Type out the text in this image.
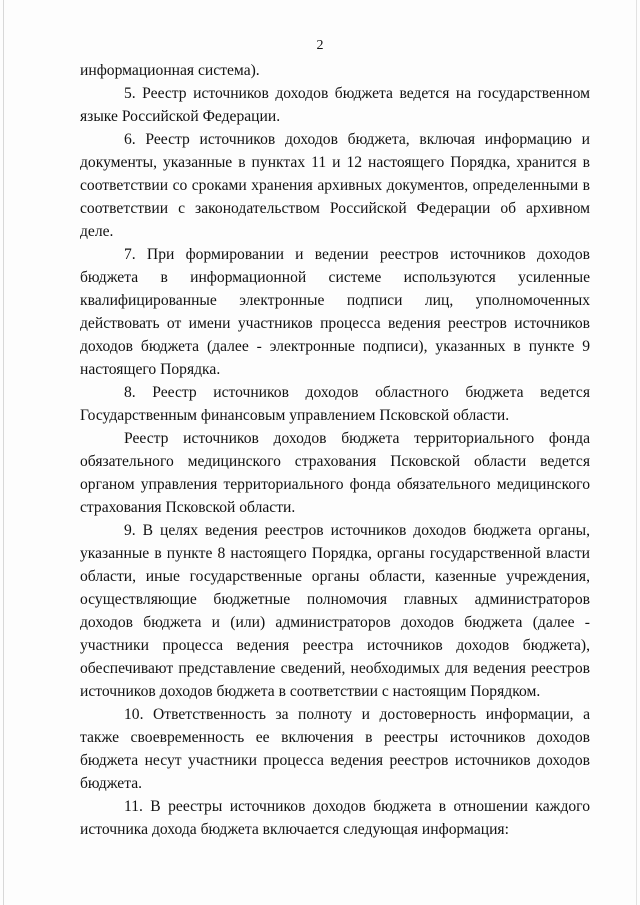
2

информационная система).

5. Реестр источников доходов бюджета ведется на государственном языке Российской Федерации.

6. Реестр источников доходов бюджета, включая информацию и документы, указанные в пунктах 11 и 12 настоящего Порядка, хранится в соответствии со сроками хранения архивных документов, определенными в соответствии с законодательством Российской Федерации об архивном деле.

7. При формировании и ведении реестров источников доходов бюджета в информационной системе используются усиленные квалифицированные электронные подписи лиц, уполномоченных действовать от имени участников процесса ведения реестров источников доходов бюджета (далее - электронные подписи), указанных в пункте 9 настоящего Порядка.

8. Реестр источников доходов областного бюджета ведется Государственным финансовым управлением Псковской области.

Реестр источников доходов бюджета территориального фонда обязательного медицинского страхования Псковской области ведется органом управления территориального фонда обязательного медицинского страхования Псковской области.

9. В целях ведения реестров источников доходов бюджета органы, указанные в пункте 8 настоящего Порядка, органы государственной власти области, иные государственные органы области, казенные учреждения, осуществляющие бюджетные полномочия главных администраторов доходов бюджета и (или) администраторов доходов бюджета (далее - участники процесса ведения реестра источников доходов бюджета), обеспечивают представление сведений, необходимых для ведения реестров источников доходов бюджета в соответствии с настоящим Порядком.

10. Ответственность за полноту и достоверность информации, а также своевременность ее включения в реестры источников доходов бюджета несут участники процесса ведения реестров источников доходов бюджета.

11. В реестры источников доходов бюджета в отношении каждого источника дохода бюджета включается следующая информация:
